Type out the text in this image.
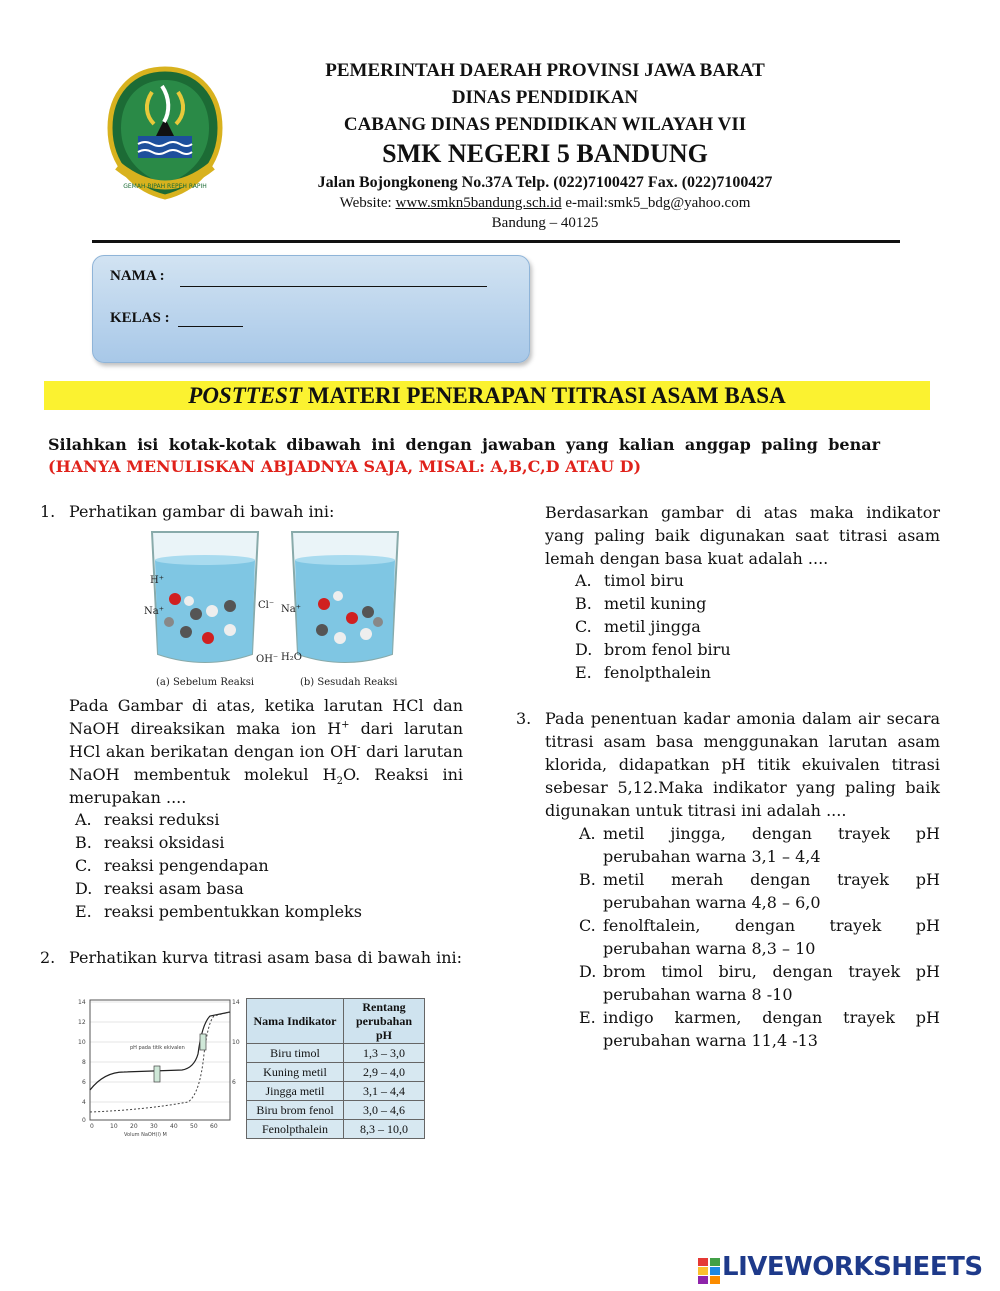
GEMAH RIPAH REPEH RAPIH
PEMERINTAH DAERAH PROVINSI JAWA BARAT
DINAS PENDIDIKAN
CABANG DINAS PENDIDIKAN WILAYAH VII
SMK NEGERI 5 BANDUNG
Jalan Bojongkoneng No.37A Telp. (022)7100427 Fax. (022)7100427
Website: www.smkn5bandung.sch.id e-mail:smk5_bdg@yahoo.com
Bandung – 40125
NAMA :
KELAS :
POSTTEST MATERI PENERAPAN TITRASI ASAM BASA
Silahkan isi kotak-kotak dibawah ini dengan jawaban yang kalian anggap paling benar
(HANYA MENULISKAN ABJADNYA SAJA, MISAL: A,B,C,D ATAU D)
1. Perhatikan gambar di bawah ini:
H⁺
Na⁺
Cl⁻
OH⁻
Na⁺
H₂O
(a) Sebelum Reaksi	(b) Sesudah Reaksi
Pada Gambar di atas, ketika larutan HCl dan NaOH direaksikan maka ion H+ dari larutan HCl akan berikatan dengan ion OH- dari larutan NaOH membentuk molekul $H_2O$. Reaksi ini merupakan ....
A. reaksi reduksi
B. reaksi oksidasi
C. reaksi pengendapan
D. reaksi asam basa
E. reaksi pembentukkan kompleks
2. Perhatikan kurva titrasi asam basa di bawah ini:
14
12
10
8
6
4
0
14
10
6
0	10 20 30 40 50 60
Volum NaOH(l) M
pH pada titik ekivalen
Nama Indikator	Rentang perubahan pH
Biru timol	1,3 – 3,0
Kuning metil	2,9 – 4,0
Jingga metil	3,1 – 4,4
Biru brom fenol	3,0 – 4,6
Fenolpthalein	8,3 – 10,0
Berdasarkan gambar di atas maka indikator yang paling baik digunakan saat titrasi asam lemah dengan basa kuat adalah ....
A. timol biru
B. metil kuning
C. metil jingga
D. brom fenol biru
E. fenolpthalein
3. Pada penentuan kadar amonia dalam air secara titrasi asam basa menggunakan larutan asam klorida, didapatkan pH titik ekuivalen titrasi sebesar 5,12.Maka indikator yang paling baik digunakan untuk titrasi ini adalah ....
A. metil jingga, dengan trayek pH perubahan warna 3,1 – 4,4
B. metil merah dengan trayek pH perubahan warna 4,8 – 6,0
C. fenolftalein, dengan trayek pH perubahan warna 8,3 – 10
D. brom timol biru, dengan trayek pH perubahan warna 8 -10
E. indigo karmen, dengan trayek pH perubahan warna 11,4 -13
LIVEWORKSHEETS
